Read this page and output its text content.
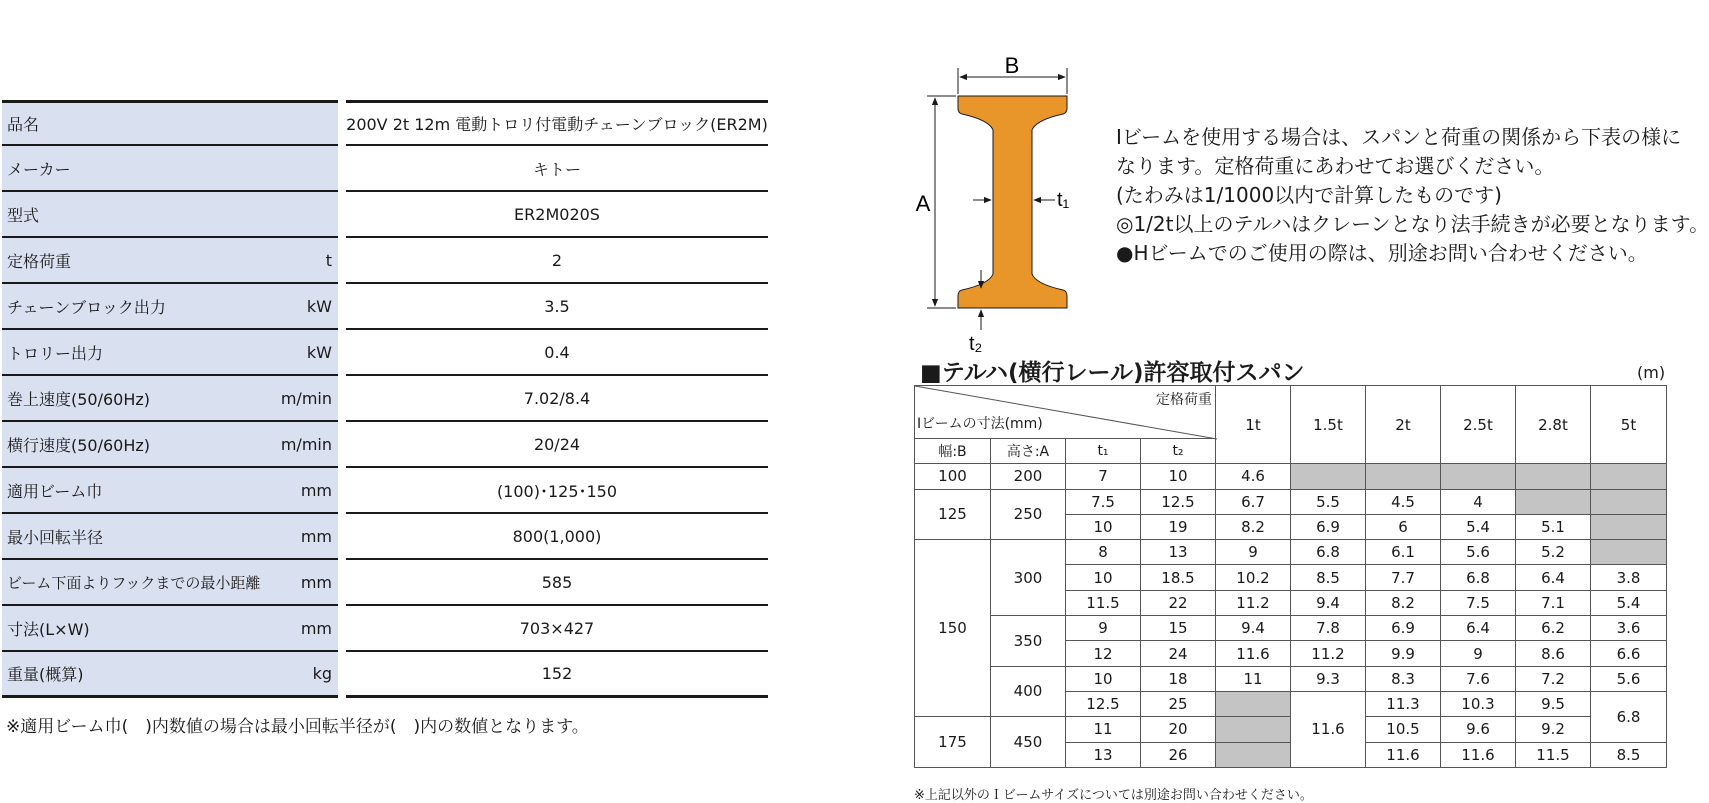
品名	200V 2t 12m 電動トロリ付電動チェーンブロック(ER2M)
メーカー	キトー
型式	ER2M020S
定格荷重	t	2
チェーンブロック出力	kW	3.5
トロリー出力	kW	0.4
巻上速度(50/60Hz)	m/min	7.02/8.4
横行速度(50/60Hz)	m/min	20/24
適用ビーム巾	mm	(100)･125･150
最小回転半径	mm	800(1,000)
ビーム下面よりフックまでの最小距離	mm	585
寸法(L×W)	mm	703×427
重量(概算)	kg	152
※適用ビーム巾(　)内数値の場合は最小回転半径が(　)内の数値となります。
B
A	t₁
t₂
Iビームを使用する場合は、スパンと荷重の関係から下表の様に
なります。定格荷重にあわせてお選びください。
(たわみは1/1000以内で計算したものです)
◎1/2t以上のテルハはクレーンとなり法手続きが必要となります。
●Hビームでのご使用の際は、別途お問い合わせください。
■テルハ(横行レール)許容取付スパン	(m)
定格荷重
Iビームの寸法(mm)				1t	1.5t	2t	2.5t	2.8t	5t
幅:B	高さ:A	t₁	t₂						
100	200	7	10	4.6					
125	250	7.5	12.5	6.7	5.5	4.5	4		
		10	19	8.2	6.9	6	5.4	5.1	
150	300	8	13	9	6.8	6.1	5.6	5.2	
		10	18.5	10.2	8.5	7.7	6.8	6.4	3.8
		11.5	22	11.2	9.4	8.2	7.5	7.1	5.4
	350	9	15	9.4	7.8	6.9	6.4	6.2	3.6
		12	24	11.6	11.2	9.9	9	8.6	6.6
	400	10	18	11	9.3	8.3	7.6	7.2	5.6
		12.5	25		11.6	11.3	10.3	9.5	6.8
175	450	11	20			10.5	9.6	9.2	
		13	26			11.6	11.6	11.5	8.5
※上記以外のＩビームサイズについては別途お問い合わせください。
